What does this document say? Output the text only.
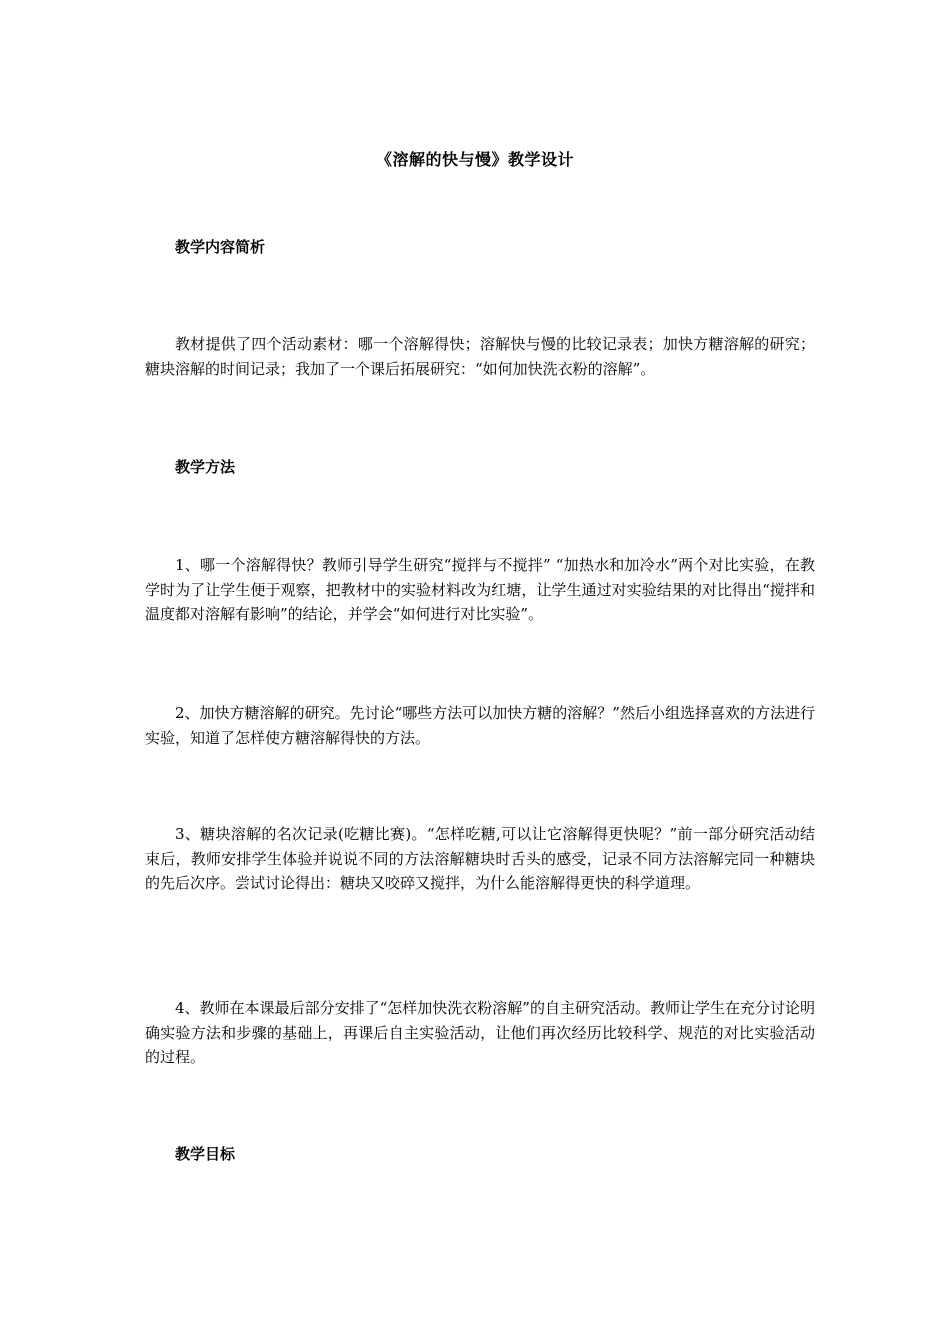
《溶解的快与慢》教学设计
教学内容简析

教材提供了四个活动素材：哪一个溶解得快；溶解快与慢的比较记录表；加快方糖溶解的研究；糖块溶解的时间记录；我加了一个课后拓展研究：“如何加快洗衣粉的溶解”。

教学方法

1、哪一个溶解得快？教师引导学生研究“搅拌与不搅拌” “加热水和加冷水”两个对比实验，在教学时为了让学生便于观察，把教材中的实验材料改为红塘，让学生通过对实验结果的对比得出“搅拌和温度都对溶解有影响”的结论，并学会“如何进行对比实验”。

2、加快方糖溶解的研究。先讨论“哪些方法可以加快方糖的溶解？”然后小组选择喜欢的方法进行实验，知道了怎样使方糖溶解得快的方法。

3、糖块溶解的名次记录(吃糖比赛)。“怎样吃糖,可以让它溶解得更快呢？”前一部分研究活动结束后，教师安排学生体验并说说不同的方法溶解糖块时舌头的感受，记录不同方法溶解完同一种糖块的先后次序。尝试讨论得出：糖块又咬碎又搅拌，为什么能溶解得更快的科学道理。

4、教师在本课最后部分安排了“怎样加快洗衣粉溶解”的自主研究活动。教师让学生在充分讨论明确实验方法和步骤的基础上，再课后自主实验活动，让他们再次经历比较科学、规范的对比实验活动的过程。

教学目标
